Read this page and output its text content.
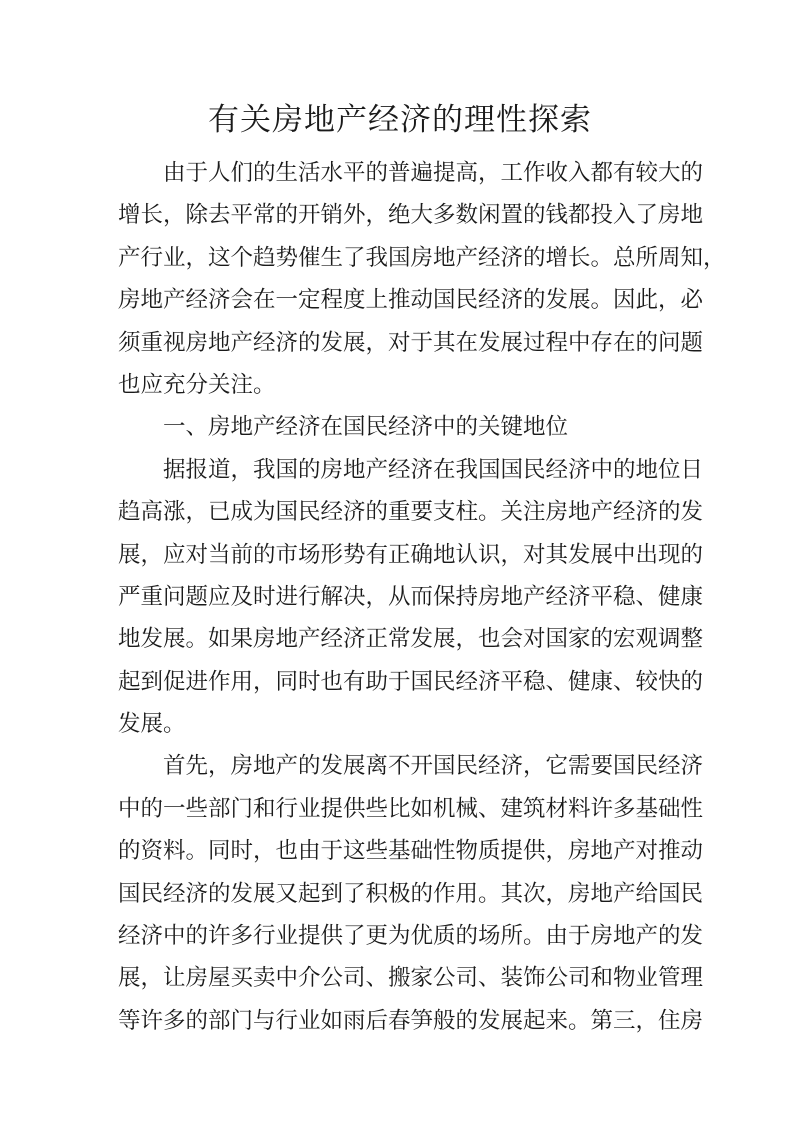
有关房地产经济的理性探索
由于人们的生活水平的普遍提高，工作收入都有较大的
增长，除去平常的开销外，绝大多数闲置的钱都投入了房地
产行业，这个趋势催生了我国房地产经济的增长。总所周知，
房地产经济会在一定程度上推动国民经济的发展。因此，必
须重视房地产经济的发展，对于其在发展过程中存在的问题
也应充分关注。
一、房地产经济在国民经济中的关键地位
据报道，我国的房地产经济在我国国民经济中的地位日
趋高涨，已成为国民经济的重要支柱。关注房地产经济的发
展，应对当前的市场形势有正确地认识，对其发展中出现的
严重问题应及时进行解决，从而保持房地产经济平稳、健康
地发展。如果房地产经济正常发展，也会对国家的宏观调整
起到促进作用，同时也有助于国民经济平稳、健康、较快的
发展。
首先，房地产的发展离不开国民经济，它需要国民经济
中的一些部门和行业提供些比如机械、建筑材料许多基础性
的资料。同时，也由于这些基础性物质提供，房地产对推动
国民经济的发展又起到了积极的作用。其次，房地产给国民
经济中的许多行业提供了更为优质的场所。由于房地产的发
展，让房屋买卖中介公司、搬家公司、装饰公司和物业管理
等许多的部门与行业如雨后春笋般的发展起来。第三，住房
